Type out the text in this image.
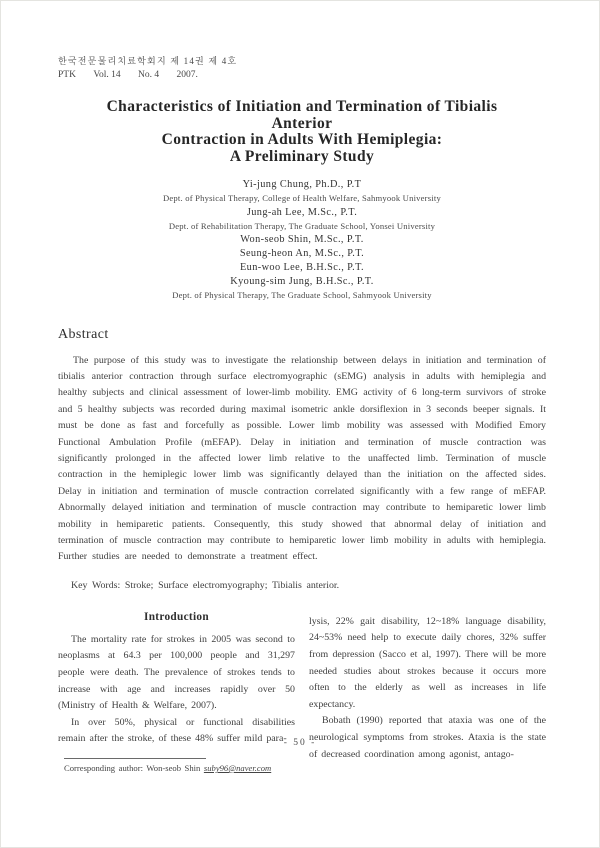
한국전문물리치료학회지 제 14권 제 4호
PTK Vol. 14 No. 4 2007.
Characteristics of Initiation and Termination of Tibialis
Anterior
Contraction in Adults With Hemiplegia:
A Preliminary Study
Yi-jung Chung, Ph.D., P.T
Dept. of Physical Therapy, College of Health Welfare, Sahmyook University
Jung-ah Lee, M.Sc., P.T.
Dept. of Rehabilitation Therapy, The Graduate School, Yonsei University
Won-seob Shin, M.Sc., P.T.
Seung-heon An, M.Sc., P.T.
Eun-woo Lee, B.H.Sc., P.T.
Kyoung-sim Jung, B.H.Sc., P.T.
Dept. of Physical Therapy, The Graduate School, Sahmyook University
Abstract
The purpose of this study was to investigate the relationship between delays in initiation and termination of tibialis anterior contraction through surface electromyographic (sEMG) analysis in adults with hemiplegia and healthy subjects and clinical assessment of lower-limb mobility. EMG activity of 6 long-term survivors of stroke and 5 healthy subjects was recorded during maximal isometric ankle dorsiflexion in 3 seconds beeper signals. It must be done as fast and forcefully as possible. Lower limb mobility was assessed with Modified Emory Functional Ambulation Profile (mEFAP). Delay in initiation and termination of muscle contraction was significantly prolonged in the affected lower limb relative to the unaffected limb. Termination of muscle contraction in the hemiplegic lower limb was significantly delayed than the initiation on the affected sides. Delay in initiation and termination of muscle contraction correlated significantly with a few range of mEFAP. Abnormally delayed initiation and termination of muscle contraction may contribute to hemiparetic lower limb mobility in hemiparetic patients. Consequently, this study showed that abnormal delay of initiation and termination of muscle contraction may contribute to hemiparetic lower limb mobility in adults with hemiplegia. Further studies are needed to demonstrate a treatment effect.
Key Words: Stroke; Surface electromyography; Tibialis anterior.
Introduction
The mortality rate for strokes in 2005 was second to neoplasms at 64.3 per 100,000 people and 31,297 people were death. The prevalence of strokes tends to increase with age and increases rapidly over 50 (Ministry of Health & Welfare, 2007).
In over 50%, physical or functional disabilities remain after the stroke, of these 48% suffer mild para-
Corresponding author: Won-seob Shin suby96@naver.com
lysis, 22% gait disability, 12~18% language disability, 24~53% need help to execute daily chores, 32% suffer from depression (Sacco et al, 1997). There will be more needed studies about strokes because it occurs more often to the elderly as well as increases in life expectancy.
Bobath (1990) reported that ataxia was one of the neurological symptoms from strokes. Ataxia is the state of decreased coordination among agonist, antago-
- 50 -
